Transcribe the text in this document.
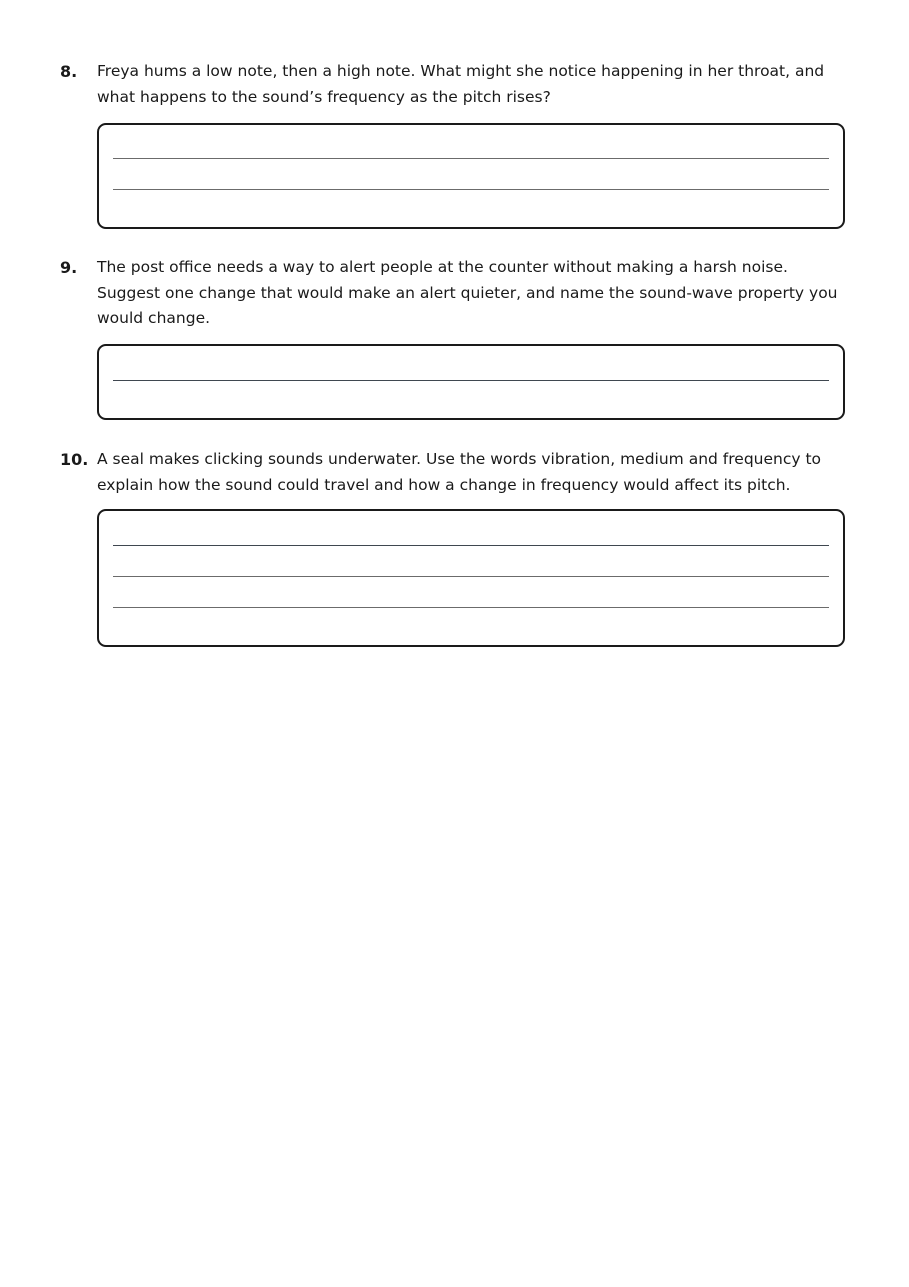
8.	Freya hums a low note, then a high note. What might she notice happening in her throat, and what happens to the sound’s frequency as the pitch rises?
9.	The post office needs a way to alert people at the counter without making a harsh noise. Suggest one change that would make an alert quieter, and name the sound-wave property you would change.
10. A seal makes clicking sounds underwater. Use the words vibration, medium and frequency to explain how the sound could travel and how a change in frequency would affect its pitch.
